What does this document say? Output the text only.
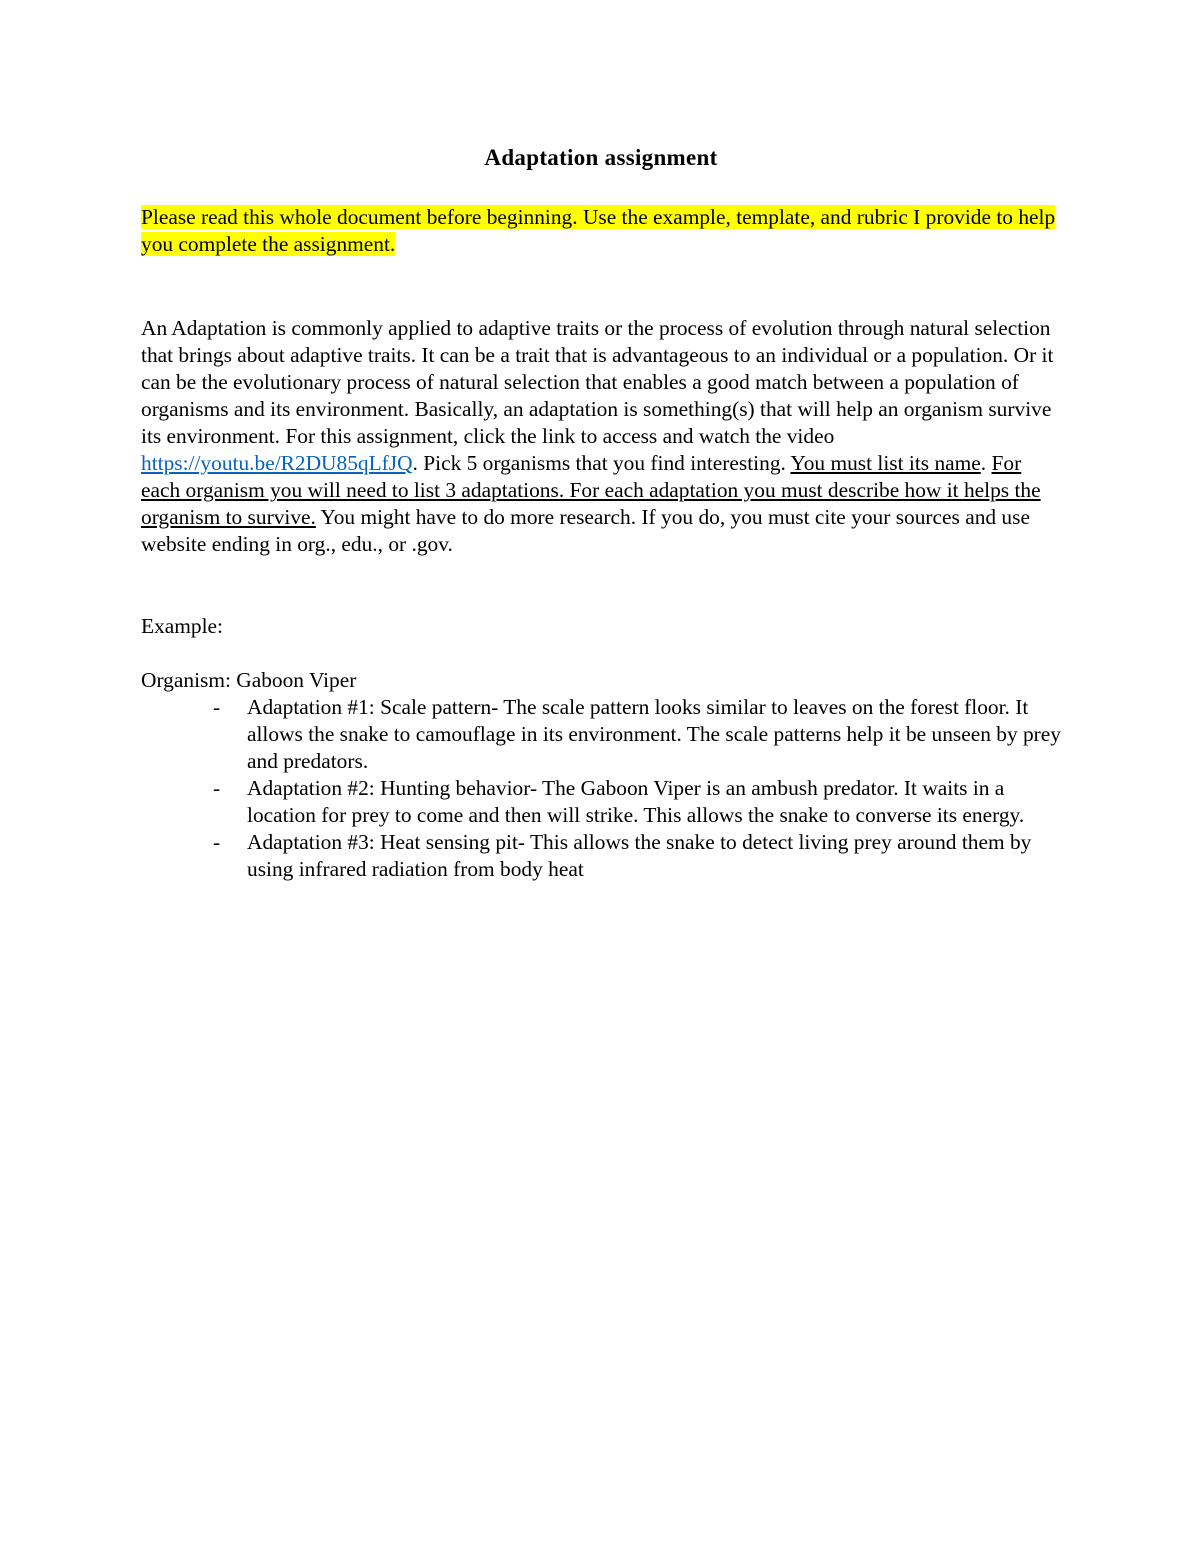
Adaptation assignment

Please read this whole document before beginning. Use the example, template, and rubric I provide to help you complete the assignment.

An Adaptation is commonly applied to adaptive traits or the process of evolution through natural selection that brings about adaptive traits. It can be a trait that is advantageous to an individual or a population. Or it can be the evolutionary process of natural selection that enables a good match between a population of organisms and its environment. Basically, an adaptation is something(s) that will help an organism survive its environment. For this assignment, click the link to access and watch the video https://youtu.be/R2DU85qLfJQ. Pick 5 organisms that you find interesting. You must list its name. For each organism you will need to list 3 adaptations. For each adaptation you must describe how it helps the organism to survive. You might have to do more research. If you do, you must cite your sources and use website ending in org., edu., or .gov.

Example:

Organism: Gaboon Viper

- Adaptation #1: Scale pattern- The scale pattern looks similar to leaves on the forest floor. It allows the snake to camouflage in its environment. The scale patterns help it be unseen by prey and predators.
- Adaptation #2: Hunting behavior- The Gaboon Viper is an ambush predator. It waits in a location for prey to come and then will strike. This allows the snake to converse its energy.
- Adaptation #3: Heat sensing pit- This allows the snake to detect living prey around them by using infrared radiation from body heat
